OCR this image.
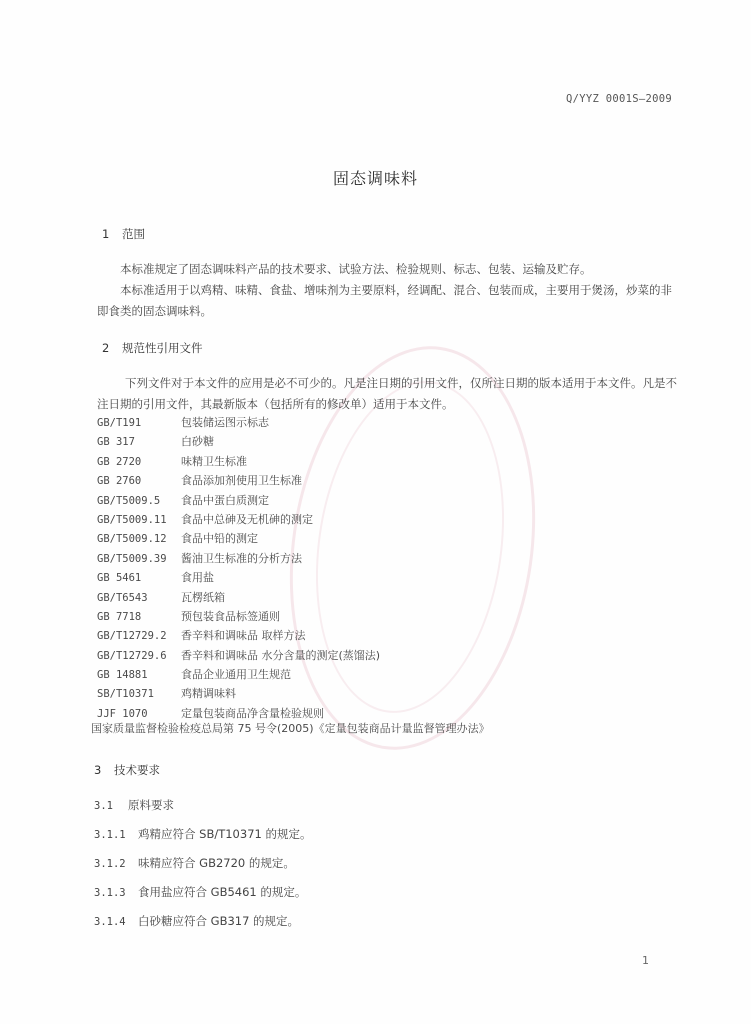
Q/YYZ 0001S—2009
固态调味料
1 范围
本标准规定了固态调味料产品的技术要求、试验方法、检验规则、标志、包装、运输及贮存。
本标准适用于以鸡精、味精、食盐、增味剂为主要原料，经调配、混合、包装而成，主要用于煲汤，炒菜的非即食类的固态调味料。
2 规范性引用文件
下列文件对于本文件的应用是必不可少的。凡是注日期的引用文件，仅所注日期的版本适用于本文件。凡是不注日期的引用文件，其最新版本（包括所有的修改单）适用于本文件。
GB/T191	包装储运图示标志
GB 317	白砂糖
GB 2720	味精卫生标准
GB 2760	食品添加剂使用卫生标准
GB/T5009.5 食品中蛋白质测定
GB/T5009.11 食品中总砷及无机砷的测定
GB/T5009.12 食品中铅的测定
GB/T5009.39 酱油卫生标准的分析方法
GB 5461	食用盐
GB/T6543	瓦楞纸箱
GB 7718	预包装食品标签通则
GB/T12729.2 香辛料和调味品 取样方法
GB/T12729.6 香辛料和调味品 水分含量的测定(蒸馏法)
GB 14881	食品企业通用卫生规范
SB/T10371 鸡精调味料
JJF 1070	定量包装商品净含量检验规则
国家质量监督检验检疫总局第 75 号令(2005)《定量包装商品计量监督管理办法》
3 技术要求
3.1 原料要求
3.1.1 鸡精应符合 SB/T10371 的规定。
3.1.2 味精应符合 GB2720 的规定。
3.1.3 食用盐应符合 GB5461 的规定。
3.1.4 白砂糖应符合 GB317 的规定。
1
